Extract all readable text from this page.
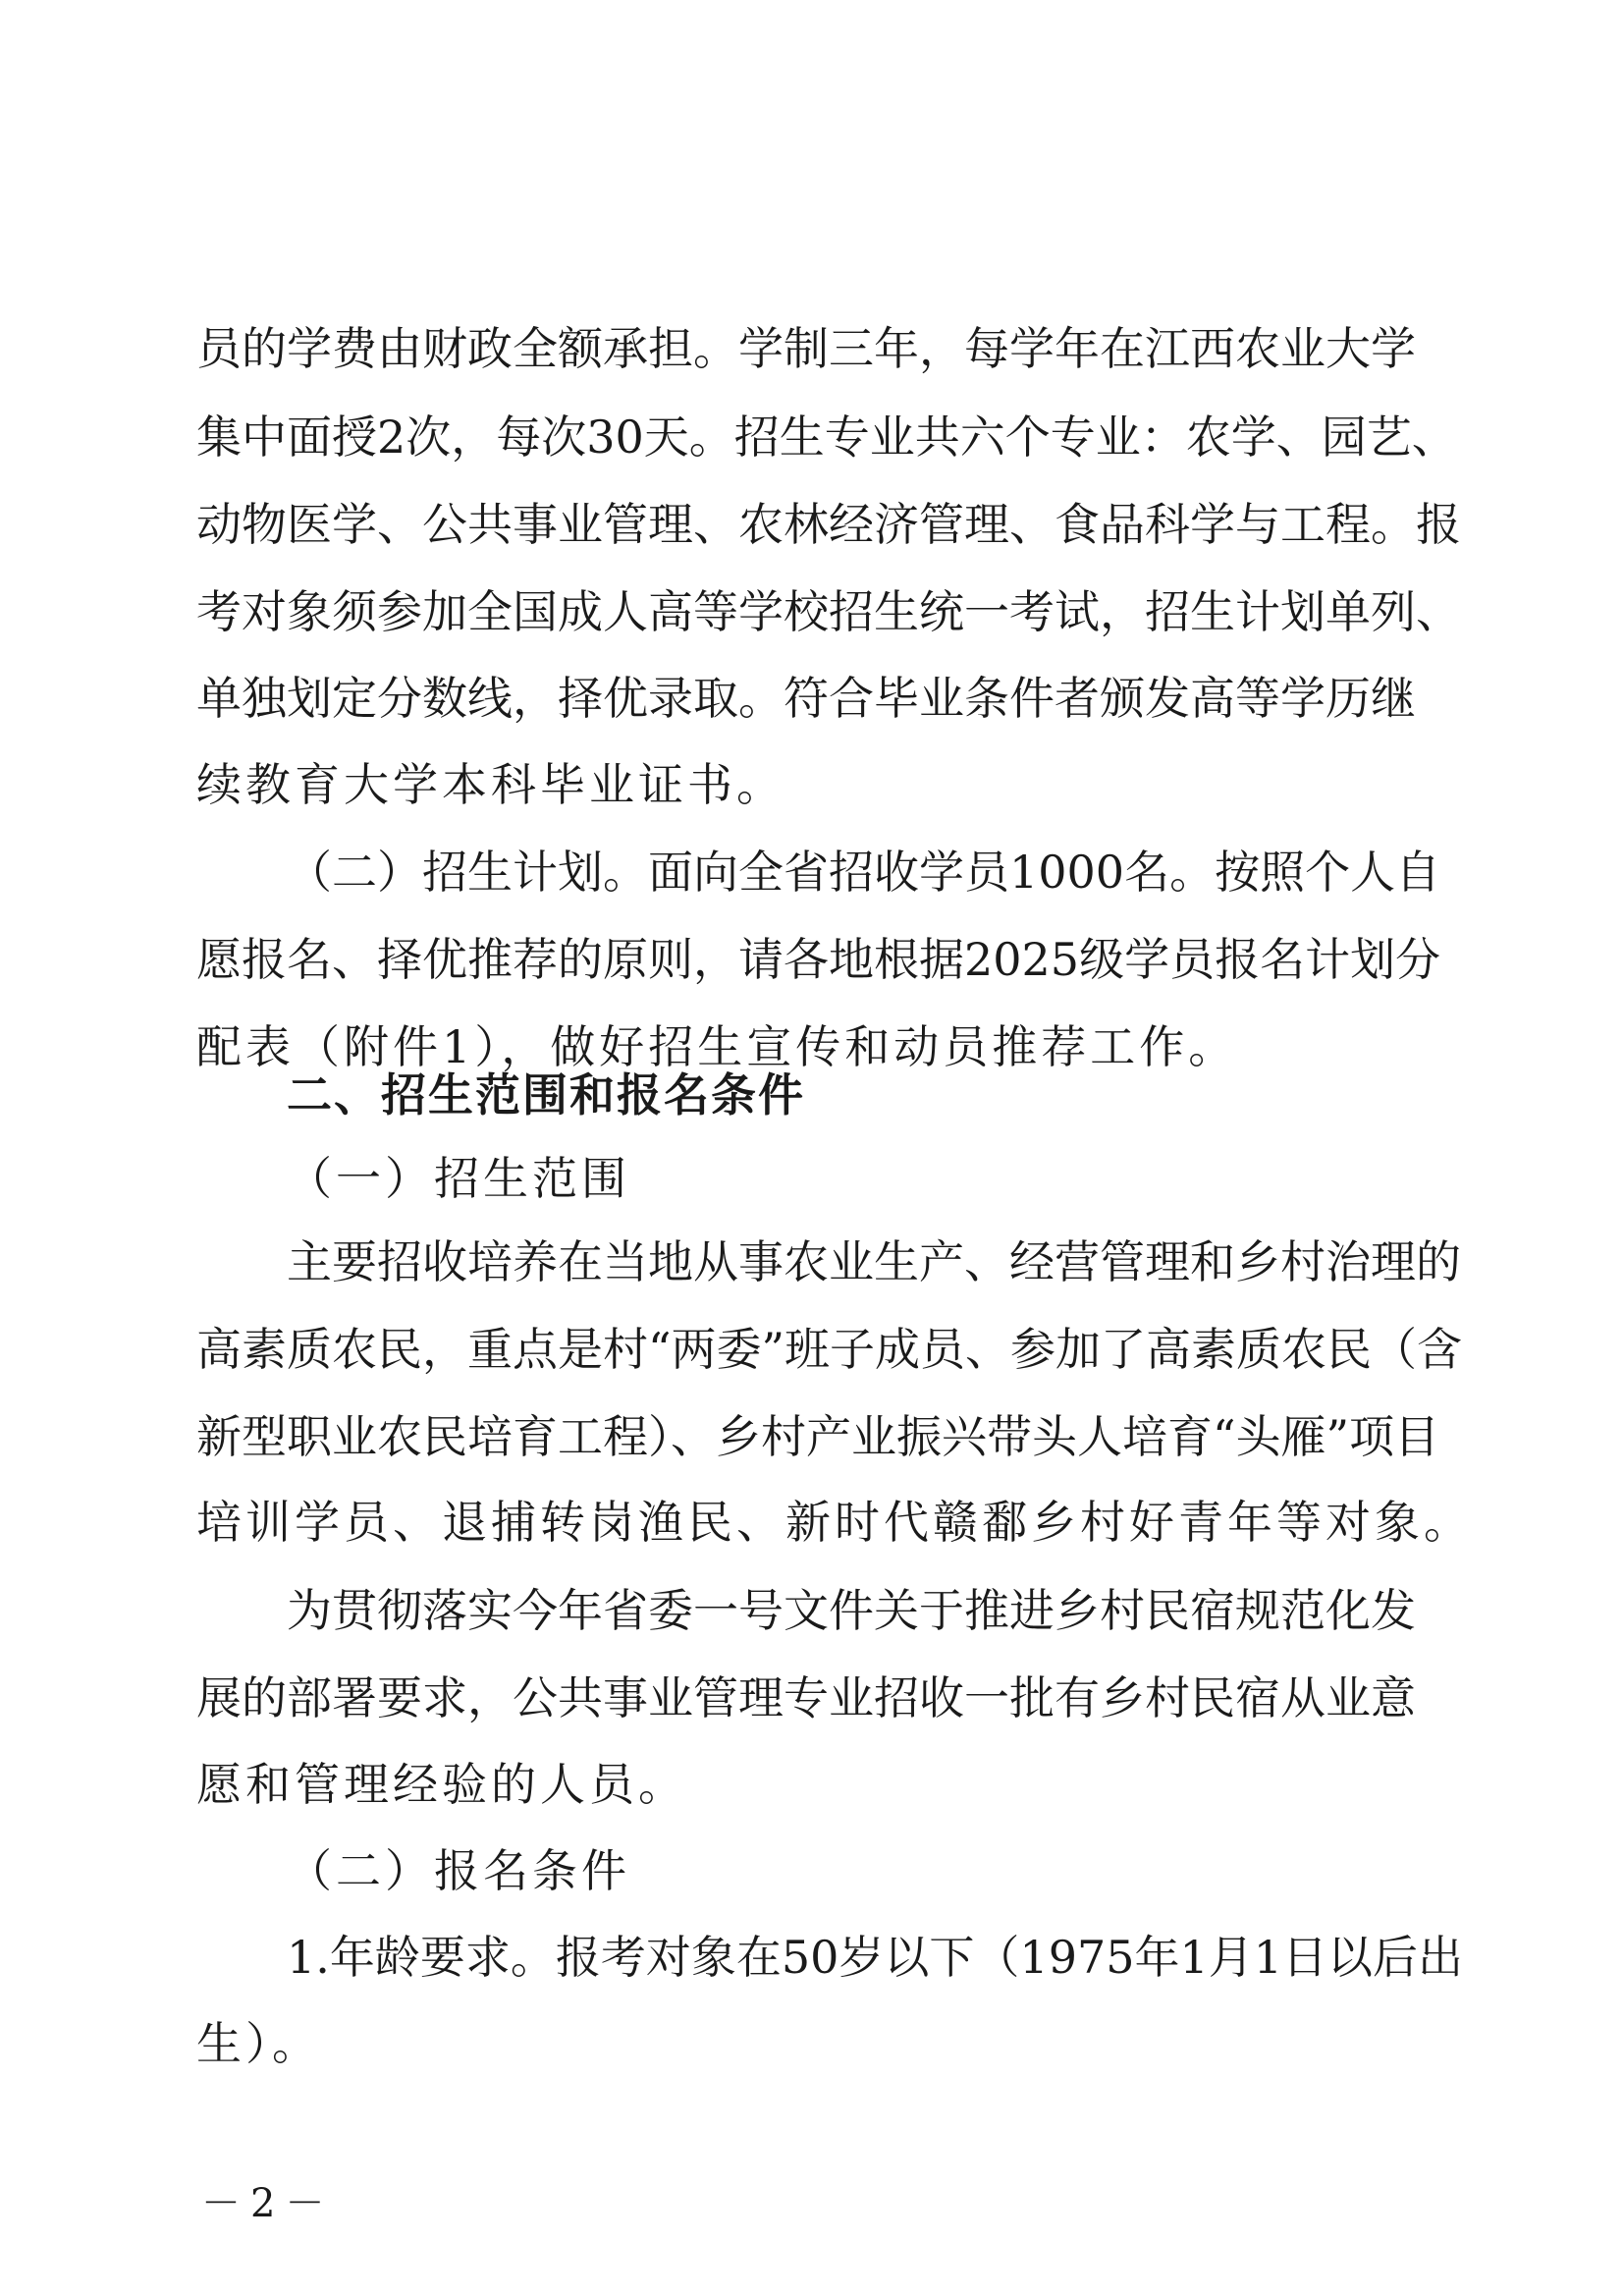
员的学费由财政全额承担。学制三年，每学年在江西农业大学
集中面授2次，每次30天。招生专业共六个专业：农学、园艺、
动物医学、公共事业管理、农林经济管理、食品科学与工程。报
考对象须参加全国成人高等学校招生统一考试，招生计划单列、
单独划定分数线，择优录取。符合毕业条件者颁发高等学历继
续教育大学本科毕业证书。
（二）招生计划。面向全省招收学员1000名。按照个人自
愿报名、择优推荐的原则，请各地根据2025级学员报名计划分
配表（附件1），做好招生宣传和动员推荐工作。
二、招生范围和报名条件
（一）招生范围
主要招收培养在当地从事农业生产、经营管理和乡村治理的
高素质农民，重点是村“两委”班子成员、参加了高素质农民（含
新型职业农民培育工程）、乡村产业振兴带头人培育“头雁”项目
培训学员、退捕转岗渔民、新时代赣鄱乡村好青年等对象。
为贯彻落实今年省委一号文件关于推进乡村民宿规范化发
展的部署要求，公共事业管理专业招收一批有乡村民宿从业意
愿和管理经验的人员。
（二）报名条件
1.年龄要求。报考对象在50岁以下（1975年1月1日以后出
生）。
－2－
